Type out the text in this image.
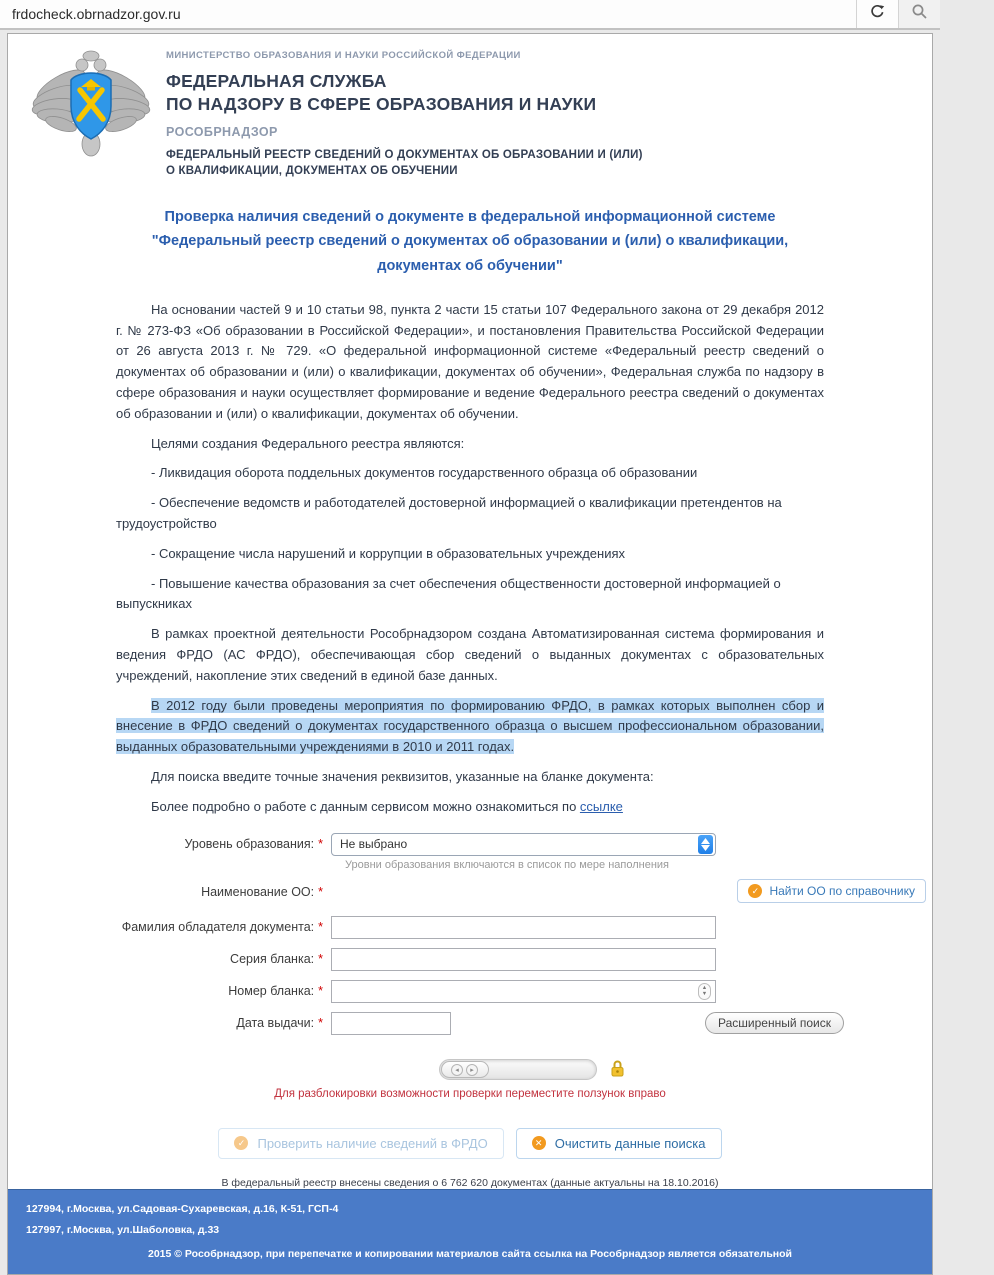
frdocheck.obrnadzor.gov.ru
МИНИСТЕРСТВО ОБРАЗОВАНИЯ И НАУКИ РОССИЙСКОЙ ФЕДЕРАЦИИ
ФЕДЕРАЛЬНАЯ СЛУЖБА
ПО НАДЗОРУ В СФЕРЕ ОБРАЗОВАНИЯ И НАУКИ
РОСОБРНАДЗОР
ФЕДЕРАЛЬНЫЙ РЕЕСТР СВЕДЕНИЙ О ДОКУМЕНТАХ ОБ ОБРАЗОВАНИИ И (ИЛИ)
О КВАЛИФИКАЦИИ, ДОКУМЕНТАХ ОБ ОБУЧЕНИИ
Проверка наличия сведений о документе в федеральной информационной системе "Федеральный реестр сведений о документах об образовании и (или) о квалификации, документах об обучении"

На основании частей 9 и 10 статьи 98, пункта 2 части 15 статьи 107 Федерального закона от 29 декабря 2012 г. № 273-ФЗ «Об образовании в Российской Федерации», и постановления Правительства Российской Федерации от 26 августа 2013 г. № 729. «О федеральной информационной системе «Федеральный реестр сведений о документах об образовании и (или) о квалификации, документах об обучении», Федеральная служба по надзору в сфере образования и науки осуществляет формирование и ведение Федерального реестра сведений о документах об образовании и (или) о квалификации, документах об обучении.

Целями создания Федерального реестра являются:

- Ликвидация оборота поддельных документов государственного образца об образовании

- Обеспечение ведомств и работодателей достоверной информацией о квалификации претендентов на трудоустройство

- Сокращение числа нарушений и коррупции в образовательных учреждениях

- Повышение качества образования за счет обеспечения общественности достоверной информацией о выпускниках

В рамках проектной деятельности Рособрнадзором создана Автоматизированная система формирования и ведения ФРДО (АС ФРДО), обеспечивающая сбор сведений о выданных документах с образовательных учреждений, накопление этих сведений в единой базе данных.

В 2012 году были проведены мероприятия по формированию ФРДО, в рамках которых выполнен сбор и внесение в ФРДО сведений о документах государственного образца о высшем профессиональном образовании, выданных образовательными учреждениями в 2010 и 2011 годах.

Для поиска введите точные значения реквизитов, указанные на бланке документа:

Более подробно о работе с данным сервисом можно ознакомиться по ссылке

Уровень образования: *	Не выбрано
Уровни образования включаются в список по мере наполнения
Наименование ОО: *	✓ Найти ОО по справочнику
Фамилия обладателя документа: *
Серия бланка: *
Номер бланка: *	▲
▼
Дата выдачи: *	Расширенный поиск
◂ ▸
Для разблокировки возможности проверки переместите ползунок вправо
✓ Проверить наличие сведений в ФРДО	✕ Очистить данные поиска
В федеральный реестр внесены сведения о 6 762 620 документах (данные актуальны на 18.10.2016)
127994, г.Москва, ул.Садовая-Сухаревская, д.16, К-51, ГСП-4
127997, г.Москва, ул.Шаболовка, д.33
2015 © Рособрнадзор, при перепечатке и копировании материалов сайта ссылка на Рособрнадзор является обязательной
